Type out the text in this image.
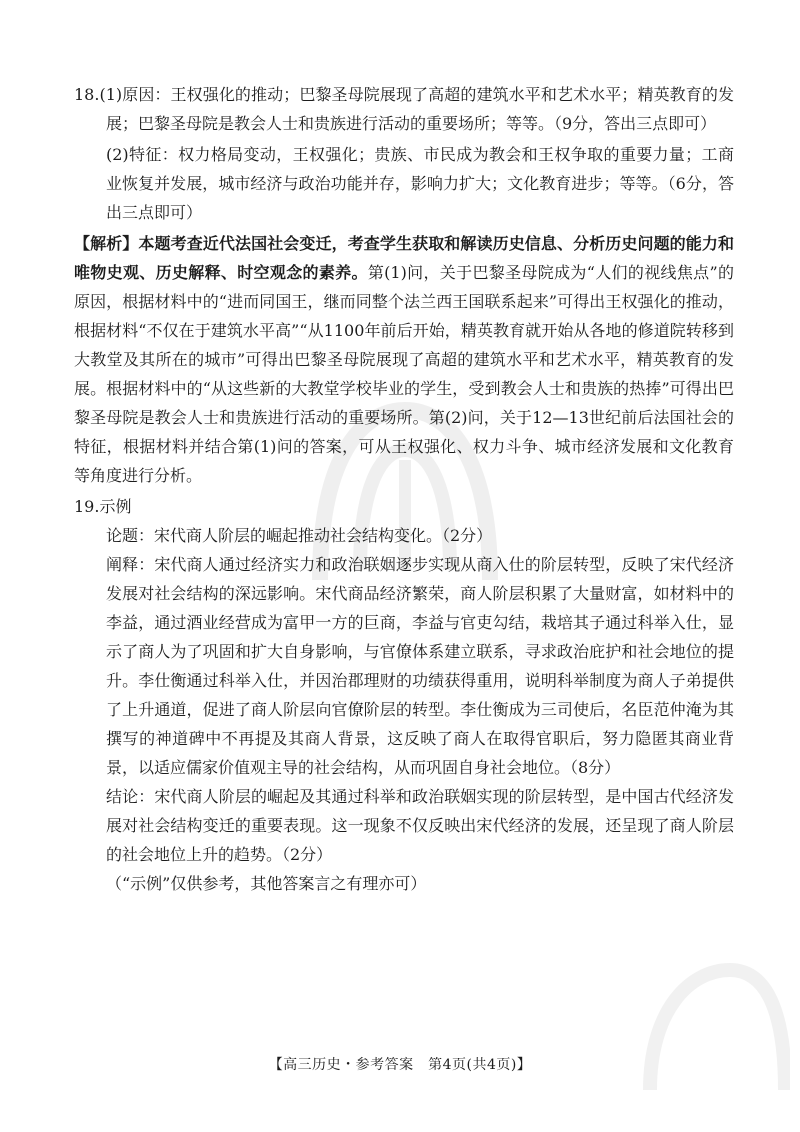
18.(1)原因：王权强化的推动；巴黎圣母院展现了高超的建筑水平和艺术水平；精英教育的发展；巴黎圣母院是教会人士和贵族进行活动的重要场所；等等。（9分，答出三点即可）

(2)特征：权力格局变动，王权强化；贵族、市民成为教会和王权争取的重要力量；工商业恢复并发展，城市经济与政治功能并存，影响力扩大；文化教育进步；等等。（6分，答出三点即可）

【解析】本题考查近代法国社会变迁，考查学生获取和解读历史信息、分析历史问题的能力和唯物史观、历史解释、时空观念的素养。第(1)问，关于巴黎圣母院成为“人们的视线焦点”的原因，根据材料中的“进而同国王，继而同整个法兰西王国联系起来”可得出王权强化的推动，根据材料“不仅在于建筑水平高”“从1100年前后开始，精英教育就开始从各地的修道院转移到大教堂及其所在的城市”可得出巴黎圣母院展现了高超的建筑水平和艺术水平，精英教育的发展。根据材料中的“从这些新的大教堂学校毕业的学生，受到教会人士和贵族的热捧”可得出巴黎圣母院是教会人士和贵族进行活动的重要场所。第(2)问，关于12—13世纪前后法国社会的特征，根据材料并结合第(1)问的答案，可从王权强化、权力斗争、城市经济发展和文化教育等角度进行分析。

19.示例

论题：宋代商人阶层的崛起推动社会结构变化。（2分）

阐释：宋代商人通过经济实力和政治联姻逐步实现从商入仕的阶层转型，反映了宋代经济发展对社会结构的深远影响。宋代商品经济繁荣，商人阶层积累了大量财富，如材料中的李益，通过酒业经营成为富甲一方的巨商，李益与官吏勾结，栽培其子通过科举入仕，显示了商人为了巩固和扩大自身影响，与官僚体系建立联系，寻求政治庇护和社会地位的提升。李仕衡通过科举入仕，并因治郡理财的功绩获得重用，说明科举制度为商人子弟提供了上升通道，促进了商人阶层向官僚阶层的转型。李仕衡成为三司使后，名臣范仲淹为其撰写的神道碑中不再提及其商人背景，这反映了商人在取得官职后，努力隐匿其商业背景，以适应儒家价值观主导的社会结构，从而巩固自身社会地位。（8分）

结论：宋代商人阶层的崛起及其通过科举和政治联姻实现的阶层转型，是中国古代经济发展对社会结构变迁的重要表现。这一现象不仅反映出宋代经济的发展，还呈现了商人阶层的社会地位上升的趋势。（2分）

（“示例”仅供参考，其他答案言之有理亦可）

【高三历史・参考答案　第4页(共4页)】
